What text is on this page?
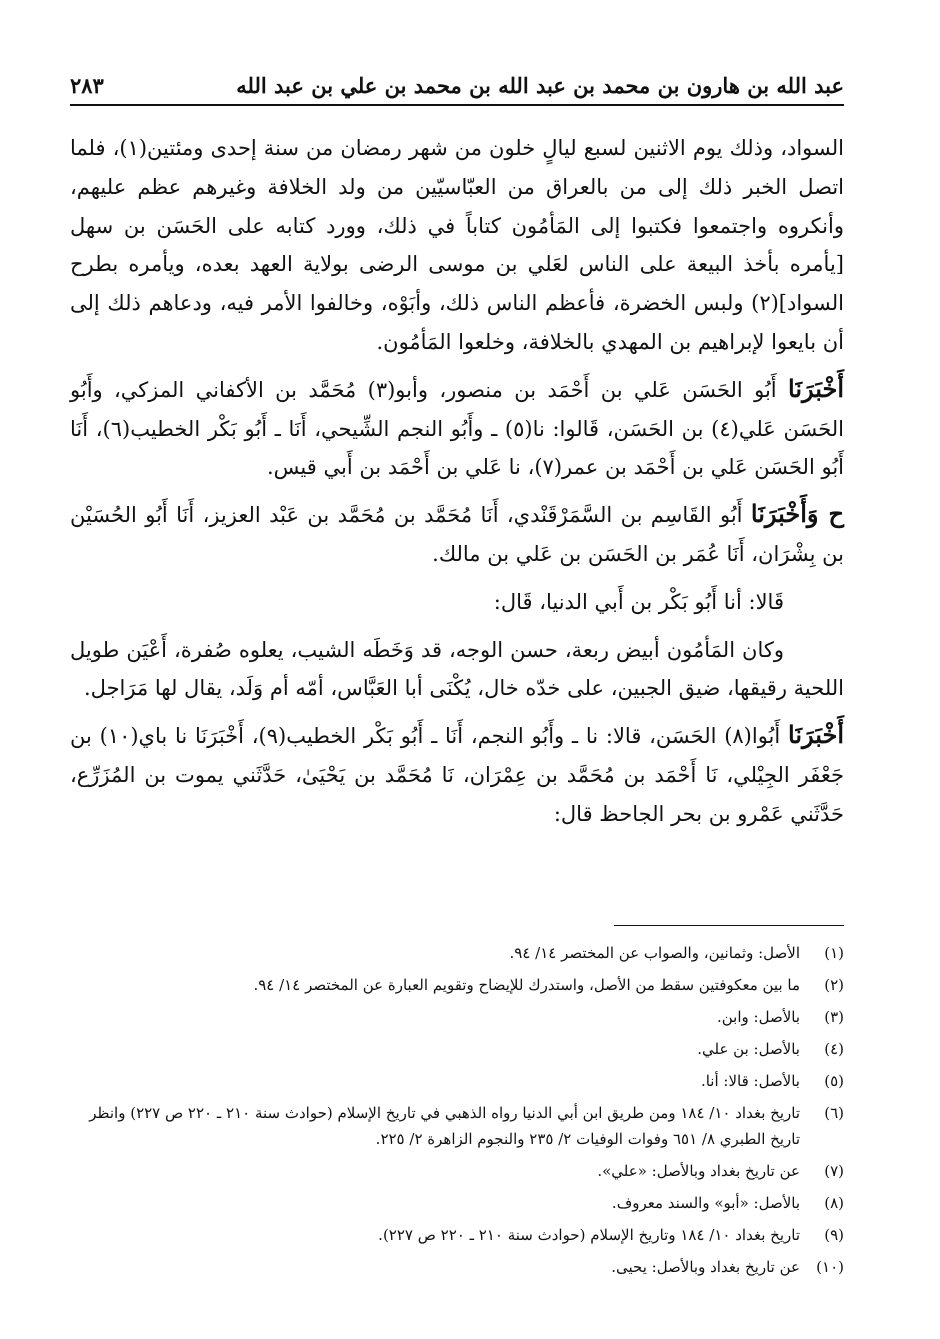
عبد الله بن هارون بن محمد بن عبد الله بن محمد بن علي بن عبد الله
٢٨٣

السواد، وذلك يوم الاثنين لسبع ليالٍ خلون من شهر رمضان من سنة إحدى ومئتين(١)، فلما اتصل الخبر ذلك إلى من بالعراق من العبّاسيّين من ولد الخلافة وغيرهم عظم عليهم، وأنكروه واجتمعوا فكتبوا إلى المَأمُون كتاباً في ذلك، وورد كتابه على الحَسَن بن سهل [يأمره بأخذ البيعة على الناس لعَلي بن موسى الرضى بولاية العهد بعده، ويأمره بطرح السواد](٢) ولبس الخضرة، فأعظم الناس ذلك، وأبَوْه، وخالفوا الأمر فيه، ودعاهم ذلك إلى أن بايعوا لإبراهيم بن المهدي بالخلافة، وخلعوا المَأمُون.

أَخْبَرَنَا أَبُو الحَسَن عَلي بن أَحْمَد بن منصور، وأبو(٣) مُحَمَّد بن الأكفاني المزكي، وأَبُو الحَسَن عَلي(٤) بن الحَسَن، قَالوا: نا(٥) ـ وأَبُو النجم الشِّيحي، أَنَا ـ أَبُو بَكْر الخطيب(٦)، أَنَا أَبُو الحَسَن عَلي بن أَحْمَد بن عمر(٧)، نا عَلي بن أَحْمَد بن أَبي قيس.

ح وَأَخْبَرَنَا أَبُو القَاسِم بن السَّمَرْقَنْدي، أَنَا مُحَمَّد بن مُحَمَّد بن عَبْد العزيز، أَنَا أَبُو الحُسَيْن بن بِشْرَان، أَنَا عُمَر بن الحَسَن بن عَلي بن مالك.

قَالا: أنا أَبُو بَكْر بن أَبي الدنيا، قَال:

وكان المَأمُون أبيض ربعة، حسن الوجه، قد وَخَطَه الشيب، يعلوه صُفرة، أَعْيَن طويل اللحية رقيقها، ضيق الجبين، على خدّه خال، يُكْنَى أبا العَبَّاس، أمّه أم وَلَد، يقال لها مَرَاجل.

أَخْبَرَنَا أَبُوا(٨) الحَسَن، قالا: نا ـ وأَبُو النجم، أَنَا ـ أَبُو بَكْر الخطيب(٩)، أَخْبَرَنَا نا باي(١٠) بن جَعْفَر الجِيْلي، نَا أَحْمَد بن مُحَمَّد بن عِمْرَان، نَا مُحَمَّد بن يَحْيَىٰ، حَدَّثَني يموت بن المُزَرِّع، حَدَّثَني عَمْرو بن بحر الجاحظ قال:

(١)
الأصل: وثمانين، والصواب عن المختصر ١٤/ ٩٤.
(٢)
ما بين معكوفتين سقط من الأصل، واستدرك للإيضاح وتقويم العبارة عن المختصر ١٤/ ٩٤.
(٣)
بالأصل: وابن.
(٤)
بالأصل: بن علي.
(٥)
بالأصل: قالا: أنا.
(٦)
تاريخ بغداد ١٠/ ١٨٤ ومن طريق ابن أبي الدنيا رواه الذهبي في تاريخ الإسلام (حوادث سنة ٢١٠ ـ ٢٢٠ ص ٢٢٧) وانظر تاريخ الطبري ٨/ ٦٥١ وفوات الوفيات ٢/ ٢٣٥ والنجوم الزاهرة ٢/ ٢٢٥.
(٧)
عن تاريخ بغداد وبالأصل: «علي».
(٨)
بالأصل: «أبو» والسند معروف.
(٩)
تاريخ بغداد ١٠/ ١٨٤ وتاريخ الإسلام (حوادث سنة ٢١٠ ـ ٢٢٠ ص ٢٢٧).
(١٠)
عن تاريخ بغداد وبالأصل: يحيى.
